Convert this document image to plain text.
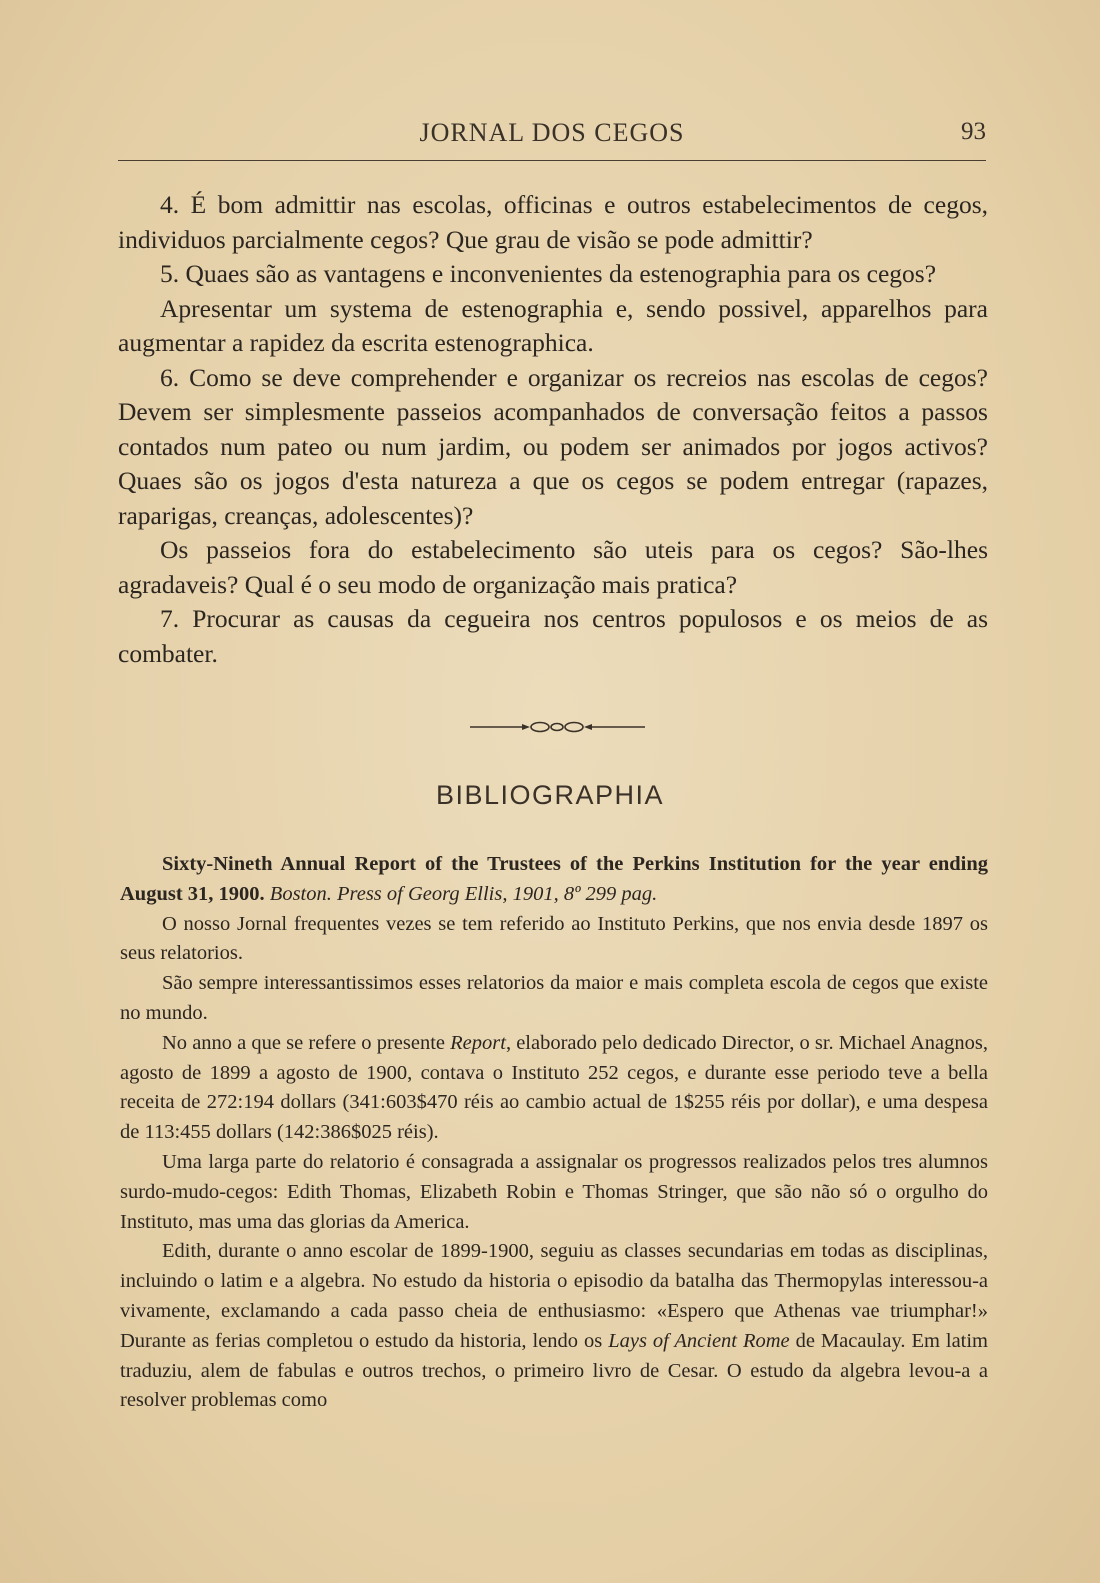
JORNAL DOS CEGOS	93

4. É bom admittir nas escolas, officinas e outros estabelecimentos de cegos, individuos parcialmente cegos? Que grau de visão se pode admittir?

5. Quaes são as vantagens e inconvenientes da estenographia para os cegos?

Apresentar um systema de estenographia e, sendo possivel, apparelhos para augmentar a rapidez da escrita estenographica.

6. Como se deve comprehender e organizar os recreios nas escolas de cegos? Devem ser simplesmente passeios acompanhados de conversação feitos a passos contados num pateo ou num jardim, ou podem ser animados por jogos activos? Quaes são os jogos d'esta natureza a que os cegos se podem entregar (rapazes, raparigas, creanças, adolescentes)?

Os passeios fora do estabelecimento são uteis para os cegos? São-lhes agradaveis? Qual é o seu modo de organização mais pratica?

7. Procurar as causas da cegueira nos centros populosos e os meios de as combater.

BIBLIOGRAPHIA

Sixty-Nineth Annual Report of the Trustees of the Perkins Institution for the year ending August 31, 1900. Boston. Press of Georg Ellis, 1901, 8º 299 pag.

O nosso Jornal frequentes vezes se tem referido ao Instituto Perkins, que nos envia desde 1897 os seus relatorios.

São sempre interessantissimos esses relatorios da maior e mais completa escola de cegos que existe no mundo.

No anno a que se refere o presente Report, elaborado pelo dedicado Director, o sr. Michael Anagnos, agosto de 1899 a agosto de 1900, contava o Instituto 252 cegos, e durante esse periodo teve a bella receita de 272:194 dollars (341:603$470 réis ao cambio actual de 1$255 réis por dollar), e uma despesa de 113:455 dollars (142:386$025 réis).

Uma larga parte do relatorio é consagrada a assignalar os progressos realizados pelos tres alumnos surdo-mudo-cegos: Edith Thomas, Elizabeth Robin e Thomas Stringer, que são não só o orgulho do Instituto, mas uma das glorias da America.

Edith, durante o anno escolar de 1899-1900, seguiu as classes secundarias em todas as disciplinas, incluindo o latim e a algebra. No estudo da historia o episodio da batalha das Thermopylas interessou-a vivamente, exclamando a cada passo cheia de enthusiasmo: «Espero que Athenas vae triumphar!» Durante as ferias completou o estudo da historia, lendo os Lays of Ancient Rome de Macaulay. Em latim traduziu, alem de fabulas e outros trechos, o primeiro livro de Cesar. O estudo da algebra levou-a a resolver problemas como
